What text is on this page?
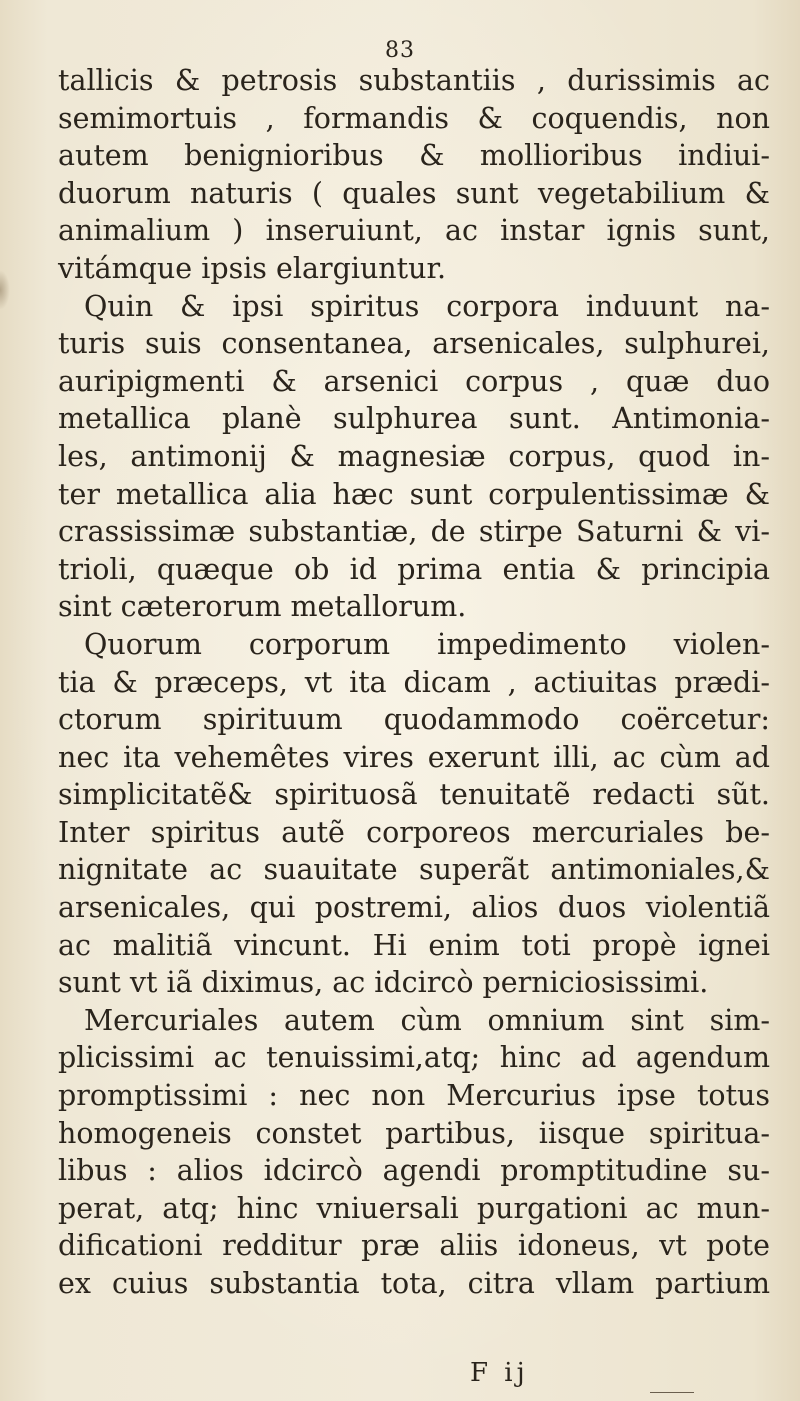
83
tallicis & petrosis substantiis , durissimis ac
semimortuis , formandis & coquendis, non
autem benignioribus & mollioribus indiui-
duorum naturis ( quales sunt vegetabilium &
animalium ) inseruiunt, ac instar ignis sunt,
vitámque ipsis elargiuntur.
Quin & ipsi spiritus corpora induunt na-
turis suis consentanea, arsenicales, sulphurei,
auripigmenti & arsenici corpus , quæ duo
metallica planè sulphurea sunt. Antimonia-
les, antimonij & magnesiæ corpus, quod in-
ter metallica alia hæc sunt corpulentissimæ &
crassissimæ substantiæ, de stirpe Saturni & vi-
trioli, quæque ob id prima entia & principia
sint cæterorum metallorum.
Quorum corporum impedimento violen-
tia & præceps, vt ita dicam , actiuitas prædi-
ctorum spirituum quodammodo coërcetur:
nec ita vehemêtes vires exerunt illi, ac cùm ad
simplicitatẽ& spirituosã tenuitatẽ redacti sũt.
Inter spiritus autẽ corporeos mercuriales be-
nignitate ac suauitate superãt antimoniales,&
arsenicales, qui postremi, alios duos violentiã
ac malitiã vincunt. Hi enim toti propè ignei
sunt vt iã diximus, ac idcircò perniciosissimi.
Mercuriales autem cùm omnium sint sim-
plicissimi ac tenuissimi,atq; hinc ad agendum
promptissimi : nec non Mercurius ipse totus
homogeneis constet partibus, iisque spiritua-
libus : alios idcircò agendi promptitudine su-
perat, atq; hinc vniuersali purgationi ac mun-
dificationi redditur præ aliis idoneus, vt pote
ex cuius substantia tota, citra vllam partium
F ij
